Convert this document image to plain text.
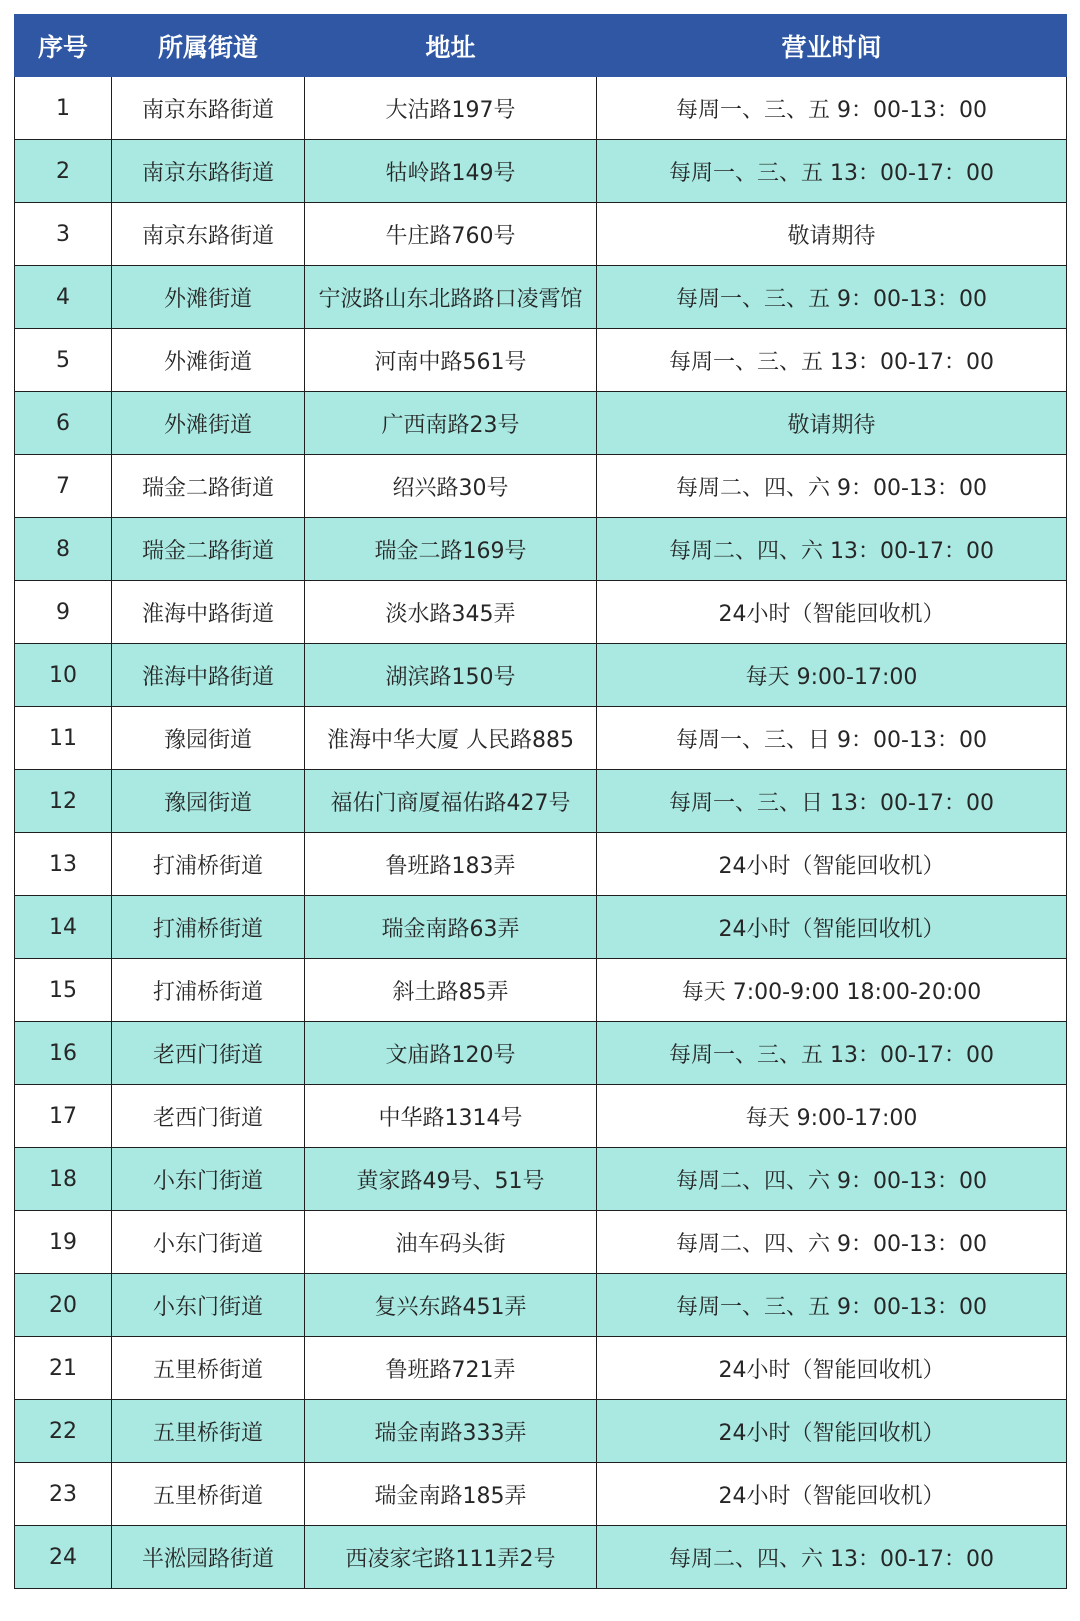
序号	所属街道	地址	营业时间
1	南京东路街道	大沽路197号	每周一、三、五 9：00-13：00
2	南京东路街道	牯岭路149号	每周一、三、五 13：00-17：00
3	南京东路街道	牛庄路760号	敬请期待
4	外滩街道	宁波路山东北路路口凌霄馆	每周一、三、五 9：00-13：00
5	外滩街道	河南中路561号	每周一、三、五 13：00-17：00
6	外滩街道	广西南路23号	敬请期待
7	瑞金二路街道	绍兴路30号	每周二、四、六 9：00-13：00
8	瑞金二路街道	瑞金二路169号	每周二、四、六 13：00-17：00
9	淮海中路街道	淡水路345弄	24小时（智能回收机）
10	淮海中路街道	湖滨路150号	每天 9:00-17:00
11	豫园街道	淮海中华大厦 人民路885	每周一、三、日 9：00-13：00
12	豫园街道	福佑门商厦福佑路427号	每周一、三、日 13：00-17：00
13	打浦桥街道	鲁班路183弄	24小时（智能回收机）
14	打浦桥街道	瑞金南路63弄	24小时（智能回收机）
15	打浦桥街道	斜土路85弄	每天 7:00-9:00 18:00-20:00
16	老西门街道	文庙路120号	每周一、三、五 13：00-17：00
17	老西门街道	中华路1314号	每天 9:00-17:00
18	小东门街道	黄家路49号、51号	每周二、四、六 9：00-13：00
19	小东门街道	油车码头街	每周二、四、六 9：00-13：00
20	小东门街道	复兴东路451弄	每周一、三、五 9：00-13：00
21	五里桥街道	鲁班路721弄	24小时（智能回收机）
22	五里桥街道	瑞金南路333弄	24小时（智能回收机）
23	五里桥街道	瑞金南路185弄	24小时（智能回收机）
24	半淞园路街道	西凌家宅路111弄2号	每周二、四、六 13：00-17：00
